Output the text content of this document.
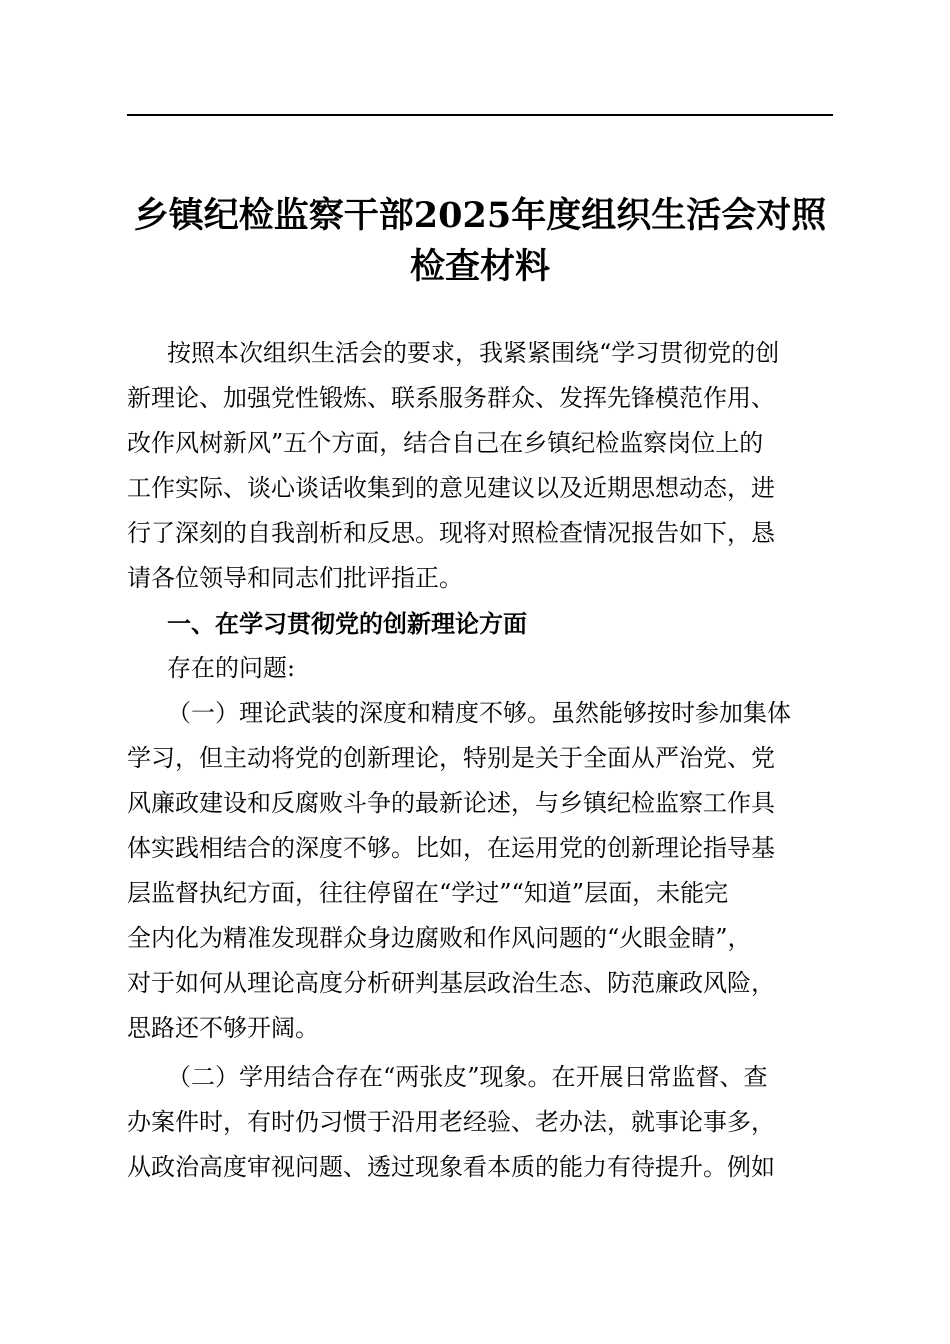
乡镇纪检监察干部2025年度组织生活会对照
检查材料
按照本次组织生活会的要求，我紧紧围绕“学习贯彻党的创
新理论、加强党性锻炼、联系服务群众、发挥先锋模范作用、
改作风树新风”五个方面，结合自己在乡镇纪检监察岗位上的
工作实际、谈心谈话收集到的意见建议以及近期思想动态，进
行了深刻的自我剖析和反思。现将对照检查情况报告如下，恳
请各位领导和同志们批评指正。
一、在学习贯彻党的创新理论方面
存在的问题:
（一）理论武装的深度和精度不够。虽然能够按时参加集体
学习，但主动将党的创新理论，特别是关于全面从严治党、党
风廉政建设和反腐败斗争的最新论述，与乡镇纪检监察工作具
体实践相结合的深度不够。比如，在运用党的创新理论指导基
层监督执纪方面，往往停留在“学过”“知道”层面，未能完
全内化为精准发现群众身边腐败和作风问题的“火眼金睛”，
对于如何从理论高度分析研判基层政治生态、防范廉政风险，
思路还不够开阔。
（二）学用结合存在“两张皮”现象。在开展日常监督、查
办案件时，有时仍习惯于沿用老经验、老办法，就事论事多，
从政治高度审视问题、透过现象看本质的能力有待提升。例如
